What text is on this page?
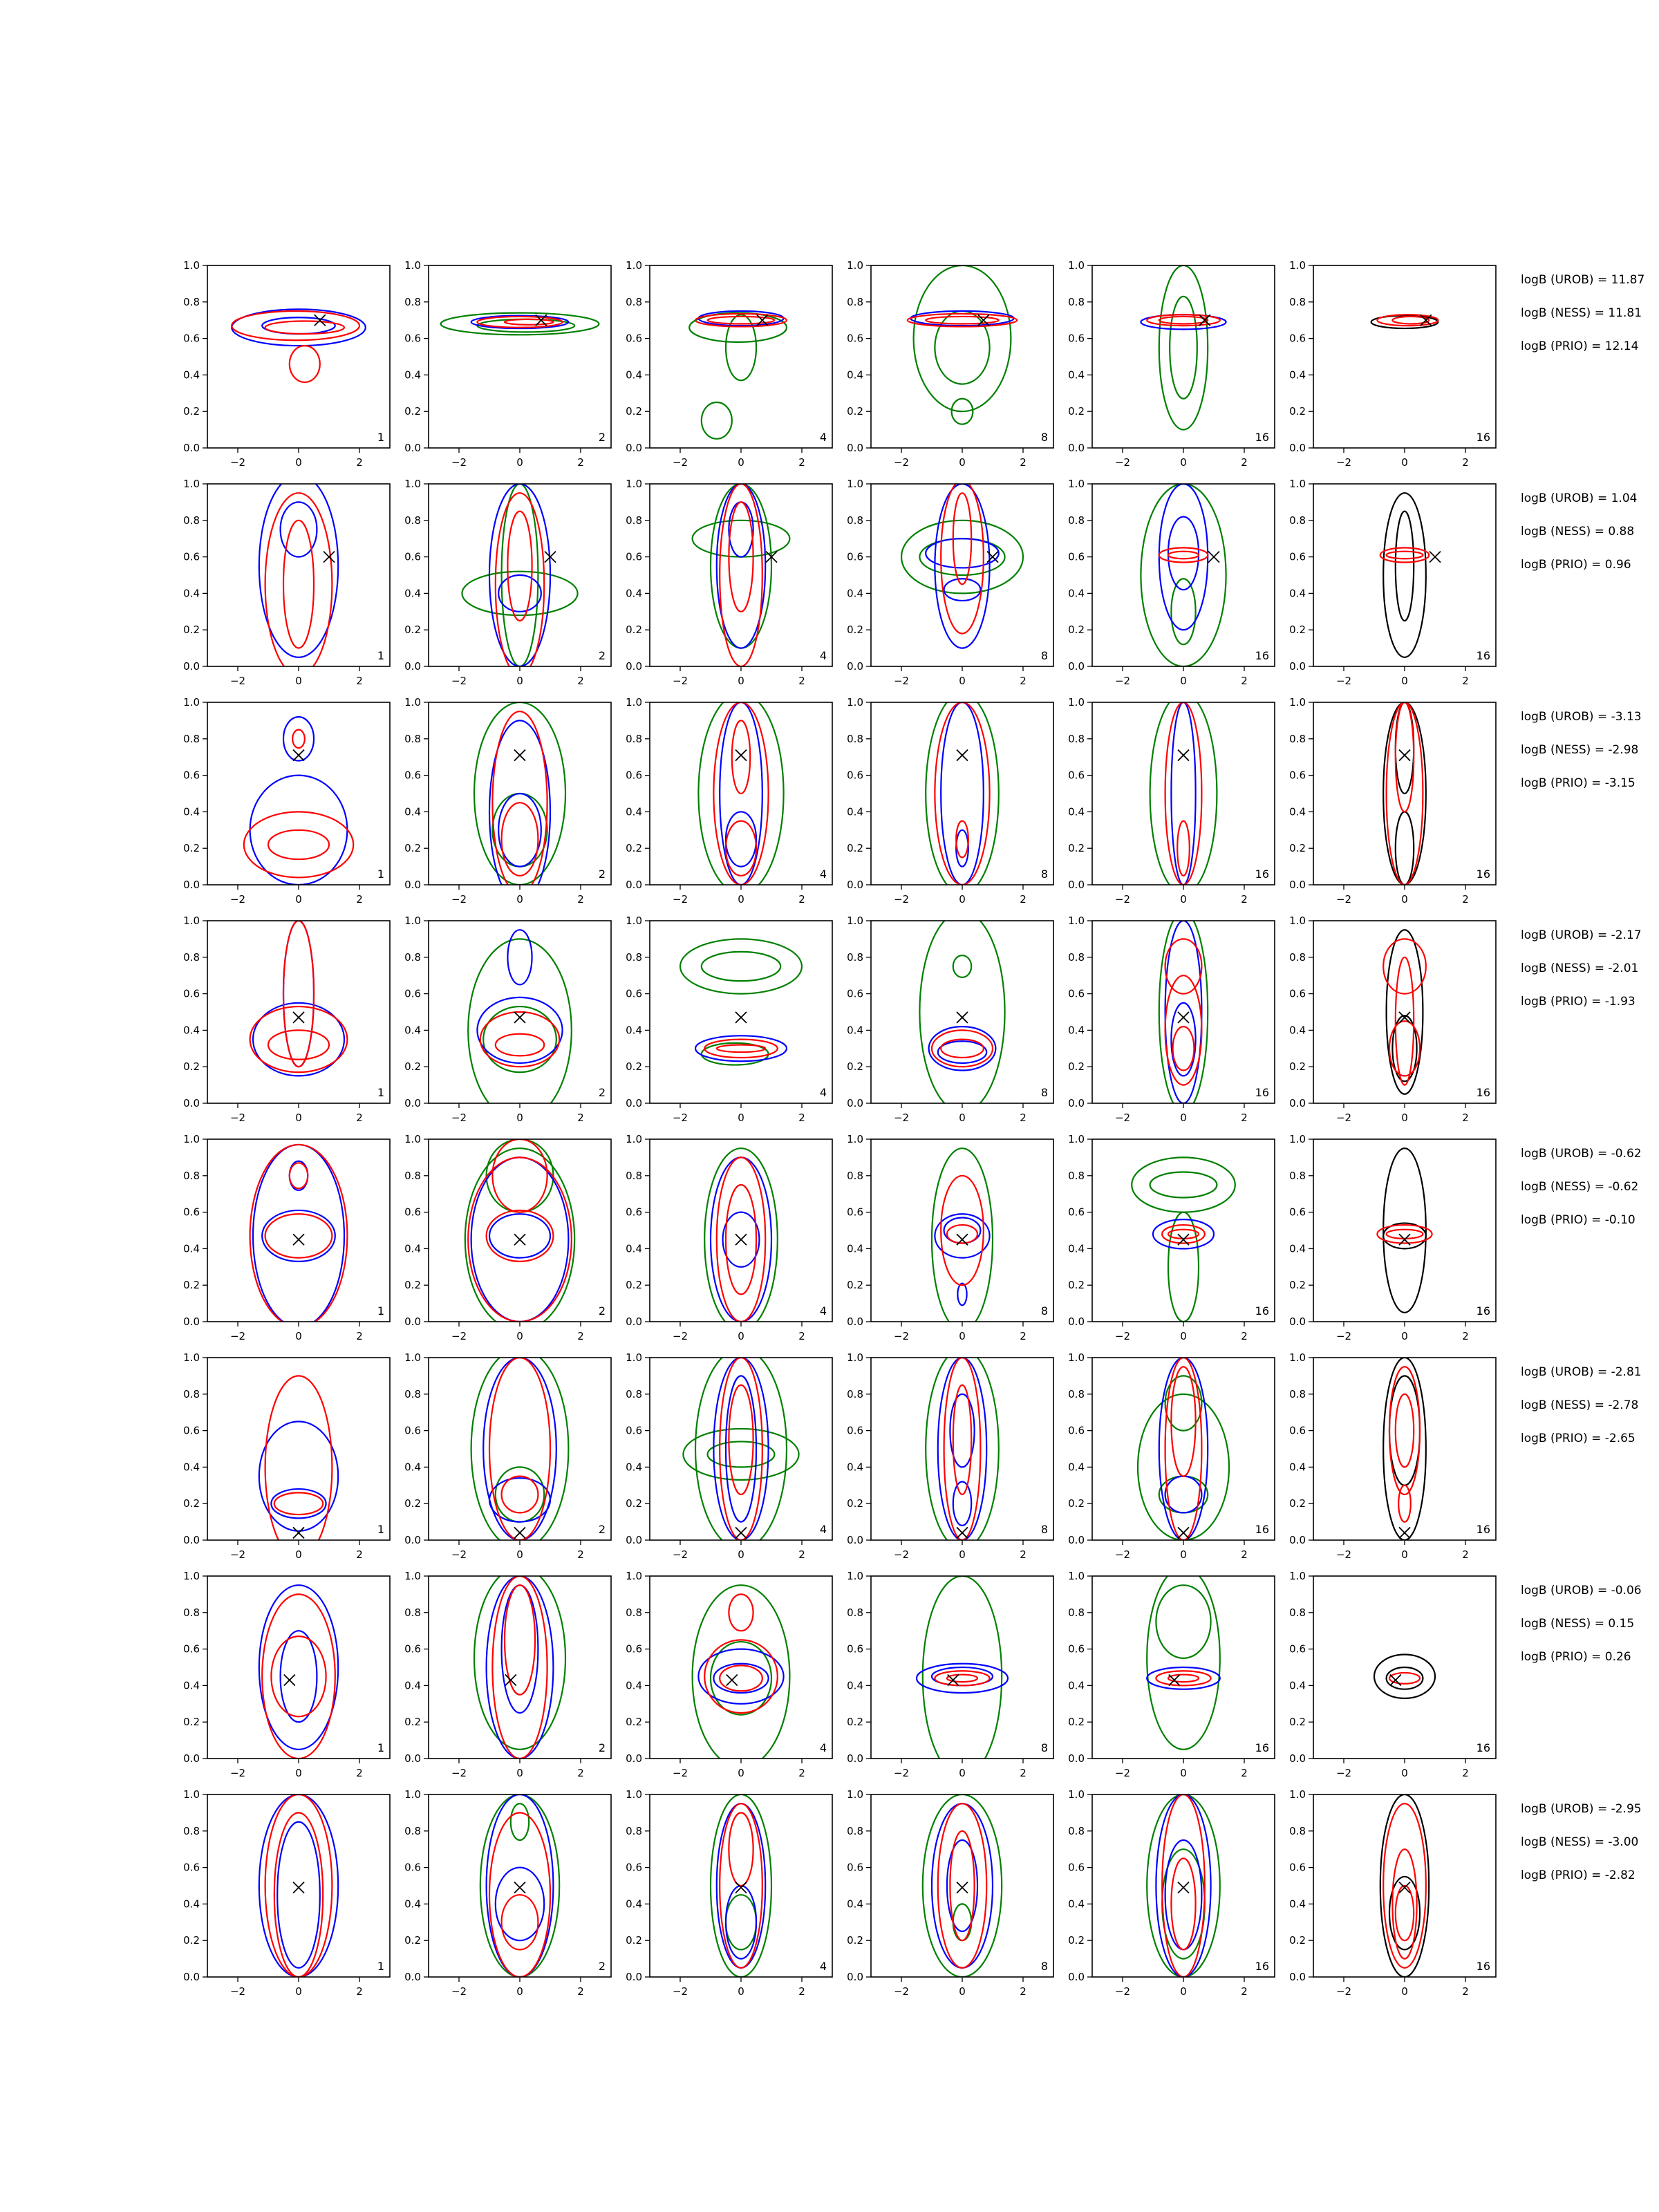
−2	0	2
0.0
0.2
0.4
0.6
0.8
1.0
1
−2	0	2
0.0
0.2
0.4
0.6
0.8
1.0
2
−2	0	2
0.0
0.2
0.4
0.6
0.8
1.0
4
−2	0	2
0.0
0.2
0.4
0.6
0.8
1.0
8
−2	0	2
0.0
0.2
0.4
0.6
0.8
1.0
16
−2	0	2
0.0
0.2
0.4
0.6
0.8
1.0
16
logB (UROB) = 11.87
logB (NESS) = 11.81
logB (PRIO) = 12.14
−2	0	2
0.0
0.2
0.4
0.6
0.8
1.0
1
−2	0	2
0.0
0.2
0.4
0.6
0.8
1.0
2
−2	0	2
0.0
0.2
0.4
0.6
0.8
1.0
4
−2	0	2
0.0
0.2
0.4
0.6
0.8
1.0
8
−2	0	2
0.0
0.2
0.4
0.6
0.8
1.0
16
−2	0	2
0.0
0.2
0.4
0.6
0.8
1.0
16
logB (UROB) = 1.04
logB (NESS) = 0.88
logB (PRIO) = 0.96
−2	0	2
0.0
0.2
0.4
0.6
0.8
1.0
1
−2	0	2
0.0
0.2
0.4
0.6
0.8
1.0
2
−2	0	2
0.0
0.2
0.4
0.6
0.8
1.0
4
−2	0	2
0.0
0.2
0.4
0.6
0.8
1.0
8
−2	0	2
0.0
0.2
0.4
0.6
0.8
1.0
16
−2	0	2
0.0
0.2
0.4
0.6
0.8
1.0
16
logB (UROB) = -3.13
logB (NESS) = -2.98
logB (PRIO) = -3.15
−2	0	2
0.0
0.2
0.4
0.6
0.8
1.0
1
−2	0	2
0.0
0.2
0.4
0.6
0.8
1.0
2
−2	0	2
0.0
0.2
0.4
0.6
0.8
1.0
4
−2	0	2
0.0
0.2
0.4
0.6
0.8
1.0
8
−2	0	2
0.0
0.2
0.4
0.6
0.8
1.0
16
−2	0	2
0.0
0.2
0.4
0.6
0.8
1.0
16
logB (UROB) = -2.17
logB (NESS) = -2.01
logB (PRIO) = -1.93
−2	0	2
0.0
0.2
0.4
0.6
0.8
1.0
1
−2	0	2
0.0
0.2
0.4
0.6
0.8
1.0
2
−2	0	2
0.0
0.2
0.4
0.6
0.8
1.0
4
−2	0	2
0.0
0.2
0.4
0.6
0.8
1.0
8
−2	0	2
0.0
0.2
0.4
0.6
0.8
1.0
16
−2	0	2
0.0
0.2
0.4
0.6
0.8
1.0
16
logB (UROB) = -0.62
logB (NESS) = -0.62
logB (PRIO) = -0.10
−2	0	2
0.0
0.2
0.4
0.6
0.8
1.0
1
−2	0	2
0.0
0.2
0.4
0.6
0.8
1.0
2
−2	0	2
0.0
0.2
0.4
0.6
0.8
1.0
4
−2	0	2
0.0
0.2
0.4
0.6
0.8
1.0
8
−2	0	2
0.0
0.2
0.4
0.6
0.8
1.0
16
−2	0	2
0.0
0.2
0.4
0.6
0.8
1.0
16
logB (UROB) = -2.81
logB (NESS) = -2.78
logB (PRIO) = -2.65
−2	0	2
0.0
0.2
0.4
0.6
0.8
1.0
1
−2	0	2
0.0
0.2
0.4
0.6
0.8
1.0
2
−2	0	2
0.0
0.2
0.4
0.6
0.8
1.0
4
−2	0	2
0.0
0.2
0.4
0.6
0.8
1.0
8
−2	0	2
0.0
0.2
0.4
0.6
0.8
1.0
16
−2	0	2
0.0
0.2
0.4
0.6
0.8
1.0
16
logB (UROB) = -0.06
logB (NESS) = 0.15
logB (PRIO) = 0.26
−2	0	2
0.0
0.2
0.4
0.6
0.8
1.0
1
−2	0	2
0.0
0.2
0.4
0.6
0.8
1.0
2
−2	0	2
0.0
0.2
0.4
0.6
0.8
1.0
4
−2	0	2
0.0
0.2
0.4
0.6
0.8
1.0
8
−2	0	2
0.0
0.2
0.4
0.6
0.8
1.0
16
−2	0	2
0.0
0.2
0.4
0.6
0.8
1.0
16
logB (UROB) = -2.95
logB (NESS) = -3.00
logB (PRIO) = -2.82
